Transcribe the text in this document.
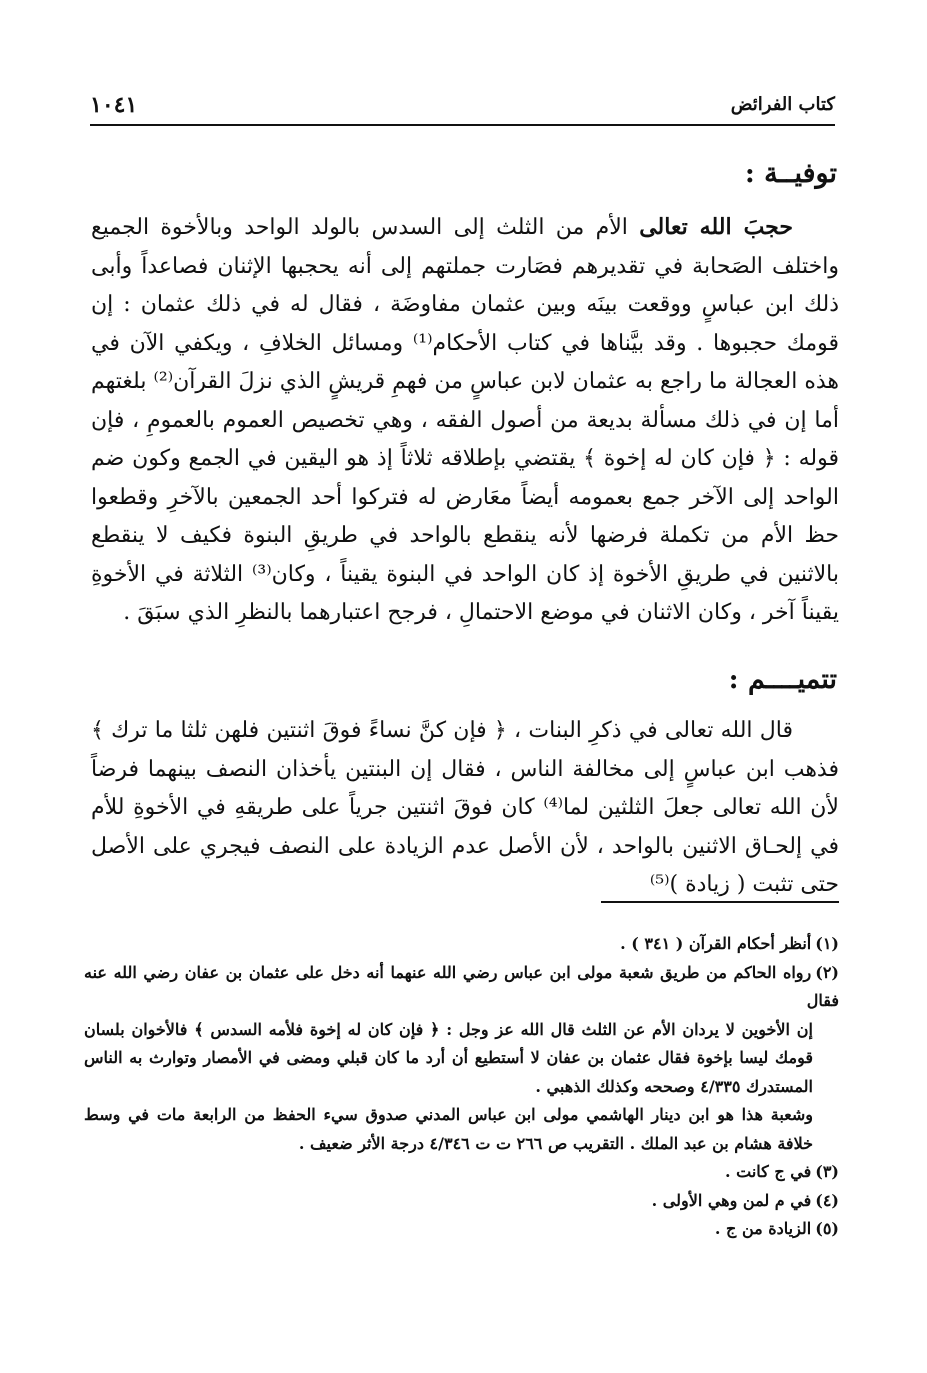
كتاب الفرائض
١٠٤١
توفيــة :
حجبَ الله تعالى الأم من الثلث إلى السدس بالولد الواحد وبالأخوة الجميع واختلف الصَحابة في تقديرهم فصَارت جملتهم إلى أنه يحجبها الإثنان فصاعداً وأبى ذلك ابن عباسٍ ووقعت بينَه وبين عثمان مفاوضَة ، فقال له في ذلك عثمان : إن قومك حجبوها . وقد بيَّناها في كتاب الأحكام⁽¹⁾ ومسائل الخلافِ ، ويكفي الآن في هذه العجالة ما راجع به عثمان لابن عباسٍ من فهمِ قريشٍ الذي نزلَ القرآن⁽²⁾ بلغتهم أما إن في ذلك مسألة بديعة من أصول الفقه ، وهي تخصيص العموم بالعمومِ ، فإن قوله : ﴿ فإن كان له إخوة ﴾ يقتضي بإطلاقه ثلاثاً إذ هو اليقين في الجمع وكون ضم الواحد إلى الآخر جمع بعمومه أيضاً معَارض له فتركوا أحد الجمعين بالآخرِ وقطعوا حظ الأم من تكملة فرضها لأنه ينقطع بالواحد في طريقِ البنوة فكيف لا ينقطع بالاثنين في طريقِ الأخوة إذ كان الواحد في البنوة يقيناً ، وكان⁽³⁾ الثلاثة في الأخوةِ يقيناً آخر ، وكان الاثنان في موضع الاحتمالِ ، فرجح اعتبارهما بالنظرِ الذي سبَقَ .
تتميــــم :
قال الله تعالى في ذكرِ البنات ، ﴿ فإن كنَّ نساءً فوقَ اثنتين فلهن ثلثا ما ترك ﴾ فذهب ابن عباسٍ إلى مخالفة الناس ، فقال إن البنتين يأخذان النصف بينهما فرضاً لأن الله تعالى جعلَ الثلثين لما⁽⁴⁾ كان فوقَ اثنتين جرياً على طريقهِ في الأخوةِ للأم في إلحـاق الاثنين بالواحد ، لأن الأصل عدم الزيادة على النصف فيجري على الأصل حتى تثبت ( زيادة )⁽⁵⁾
(١)أنظر أحكام القرآن ( ٣٤١ ) .
(٢)رواه الحاكم من طريق شعبة مولى ابن عباس رضي الله عنهما أنه دخل على عثمان بن عفان رضي الله عنه فقال
إن الأخوين لا يردان الأم عن الثلث قال الله عز وجل : ﴿ فإن كان له إخوة فلأمه السدس ﴾ فالأخوان بلسان قومك ليسا بإخوة فقال عثمان بن عفان لا أستطيع أن أرد ما كان قبلي ومضى في الأمصار وتوارث به الناس المستدرك ٤/٣٣٥ وصححه وكذلك الذهبي .
وشعبة هذا هو ابن دينار الهاشمي مولى ابن عباس المدني صدوق سيء الحفظ من الرابعة مات في وسط خلافة هشام بن عبد الملك . التقريب ص ٢٦٦ ت ت ٤/٣٤٦ درجة الأثر ضعيف .
(٣)في ج كانت .
(٤)في م لمن وهي الأولى .
(٥)الزيادة من ج .
